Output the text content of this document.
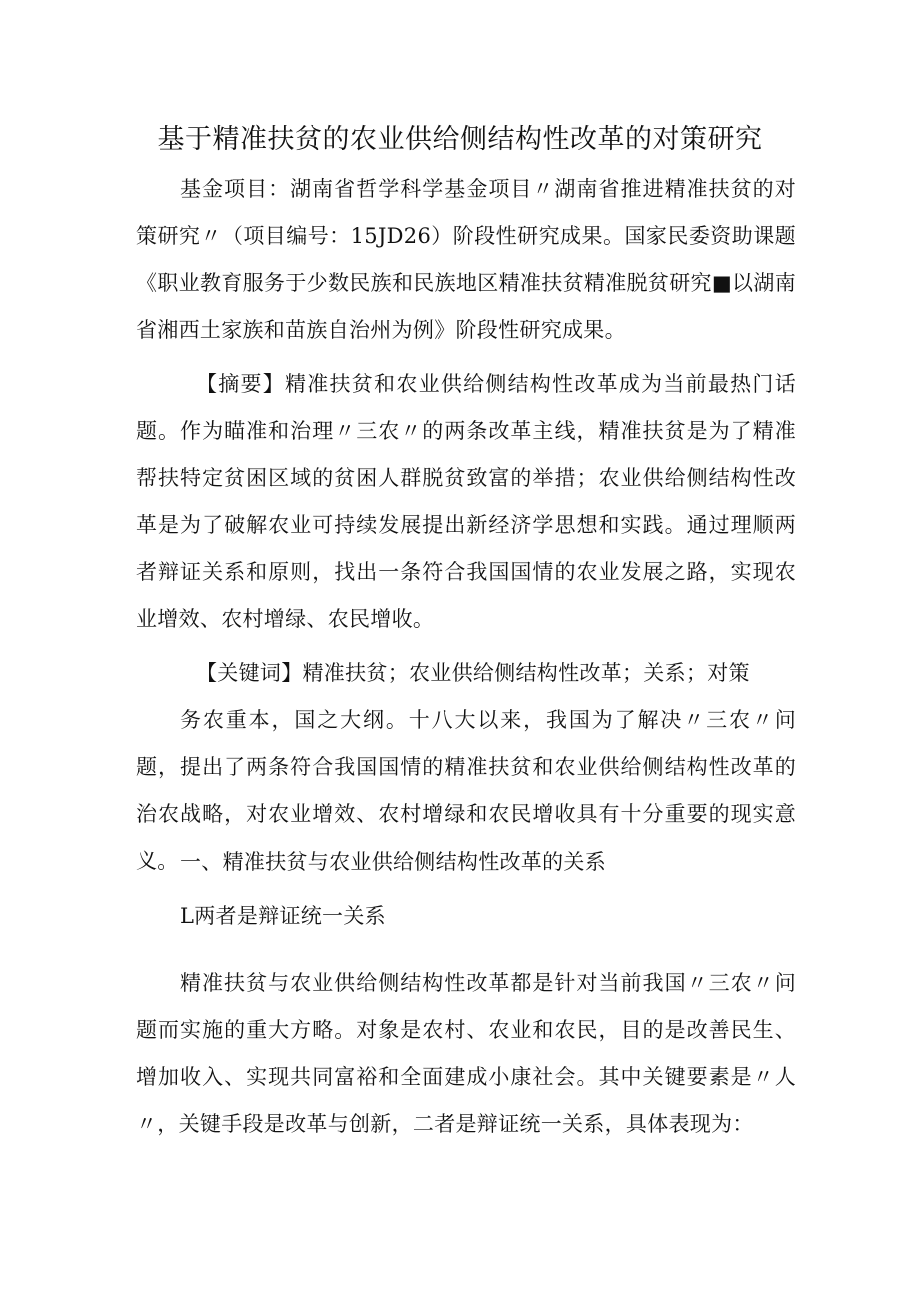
基于精准扶贫的农业供给侧结构性改革的对策研究

基金项目：湖南省哲学科学基金项目〃湖南省推进精准扶贫的对策研究〃（项目编号：15JD26）阶段性研究成果。国家民委资助课题《职业教育服务于少数民族和民族地区精准扶贫精准脱贫研究■以湖南省湘西土家族和苗族自治州为例》阶段性研究成果。

【摘要】精准扶贫和农业供给侧结构性改革成为当前最热门话题。作为瞄准和治理〃三农〃的两条改革主线，精准扶贫是为了精准帮扶特定贫困区域的贫困人群脱贫致富的举措；农业供给侧结构性改革是为了破解农业可持续发展提出新经济学思想和实践。通过理顺两者辩证关系和原则，找出一条符合我国国情的农业发展之路，实现农业增效、农村增绿、农民增收。

【关键词】精准扶贫；农业供给侧结构性改革；关系；对策

务农重本，国之大纲。十八大以来，我国为了解决〃三农〃问题，提出了两条符合我国国情的精准扶贫和农业供给侧结构性改革的治农战略，对农业增效、农村增绿和农民增收具有十分重要的现实意义。 一、精准扶贫与农业供给侧结构性改革的关系

L两者是辩证统一关系

精准扶贫与农业供给侧结构性改革都是针对当前我国〃三农〃问题而实施的重大方略。对象是农村、农业和农民，目的是改善民生、增加收入、实现共同富裕和全面建成小康社会。其中关键要素是〃人〃，关键手段是改革与创新，二者是辩证统一关系，具体表现为：
